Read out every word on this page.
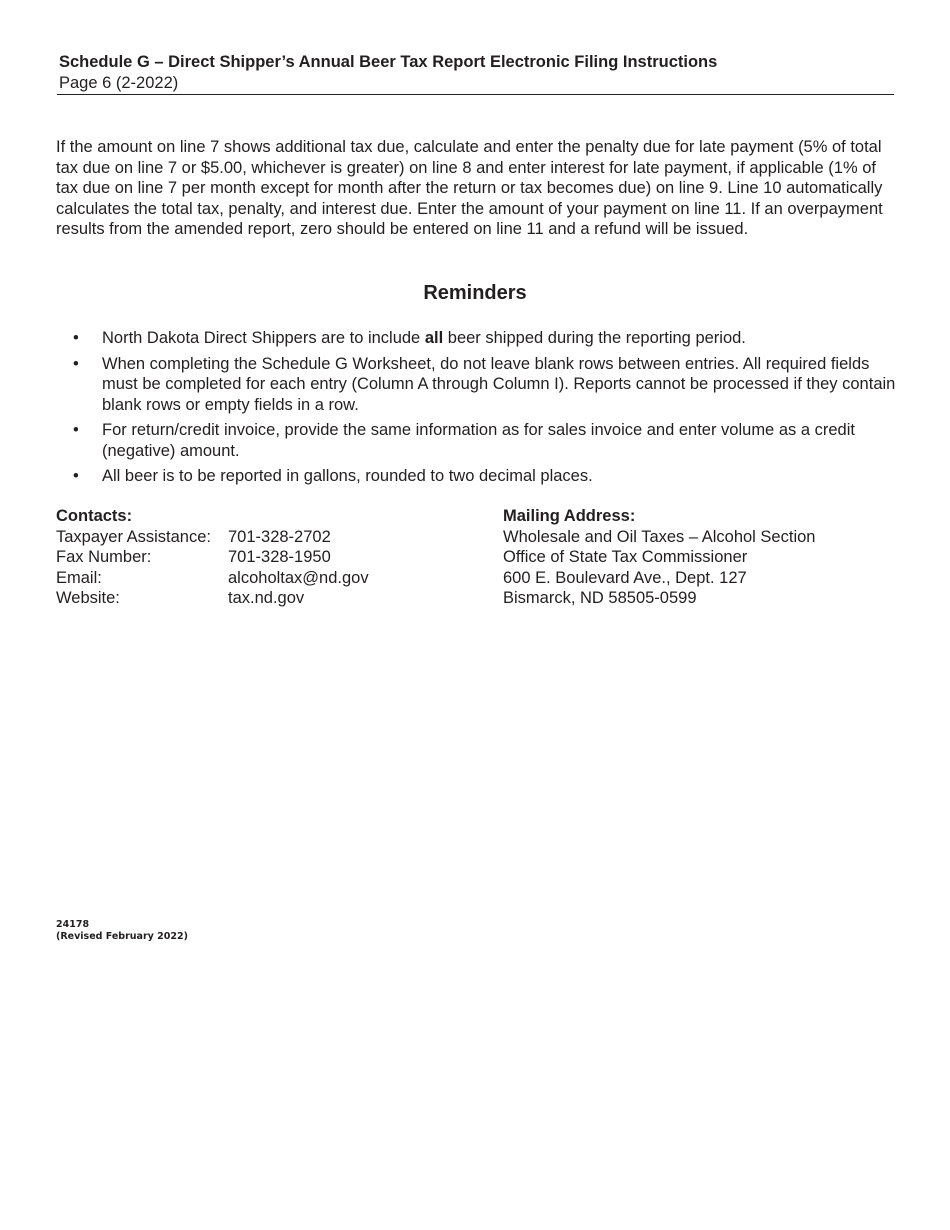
Schedule G – Direct Shipper’s Annual Beer Tax Report Electronic Filing Instructions
Page 6 (2-2022)

If the amount on line 7 shows additional tax due, calculate and enter the penalty due for late payment (5% of total tax due on line 7 or $5.00, whichever is greater) on line 8 and enter interest for late payment, if applicable (1% of tax due on line 7 per month except for month after the return or tax becomes due) on line 9. Line 10 automatically calculates the total tax, penalty, and interest due. Enter the amount of your payment on line 11. If an overpayment results from the amended report, zero should be entered on line 11 and a refund will be issued.

Reminders
• North Dakota Direct Shippers are to include all beer shipped during the reporting period.
• When completing the Schedule G Worksheet, do not leave blank rows between entries. All required fields must be completed for each entry (Column A through Column I). Reports cannot be processed if they contain blank rows or empty fields in a row.
• For return/credit invoice, provide the same information as for sales invoice and enter volume as a credit (negative) amount.
• All beer is to be reported in gallons, rounded to two decimal places.
Contacts:
Taxpayer Assistance:	701-328-2702
Fax Number:	701-328-1950
Email:	alcoholtax@nd.gov
Website:	tax.nd.gov
Mailing Address:
Wholesale and Oil Taxes – Alcohol Section
Office of State Tax Commissioner
600 E. Boulevard Ave., Dept. 127
Bismarck, ND 58505-0599
24178
(Revised February 2022)
